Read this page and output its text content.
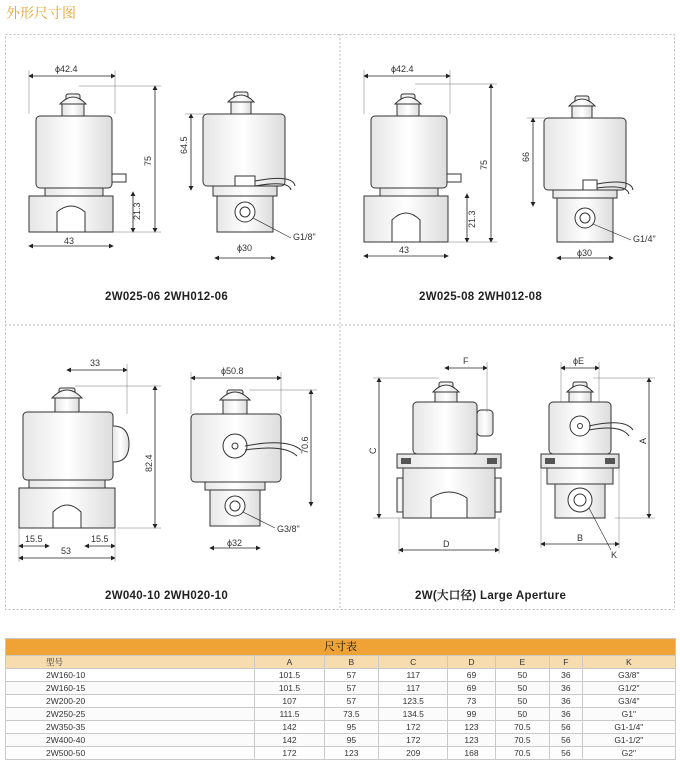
外形尺寸图
ϕ42.4
75
21.3
43
64.5
ϕ30
G1/8"
2W025-06 2WH012-06
ϕ42.4
75
21.3
43
66
ϕ30
G1/4"
2W025-08 2WH012-08
33
82.4
15.5	15.5
53
ϕ50.8
70.6
ϕ32
G3/8"
2W040-10 2WH020-10
F
C
D
ϕE
A
B
K
2W(大口径) Large Aperture
尺寸表							
型号	A	B	C	D	E	F	K
2W160-10	101.5	57	117	69	50	36	G3/8"
2W160-15	101.5	57	117	69	50	36	G1/2"
2W200-20	107	57	123.5	73	50	36	G3/4"
2W250-25	111.5	73.5	134.5	99	50	36	G1"
2W350-35	142	95	172	123	70.5	56	G1-1/4"
2W400-40	142	95	172	123	70.5	56	G1-1/2"
2W500-50	172	123	209	168	70.5	56	G2"
